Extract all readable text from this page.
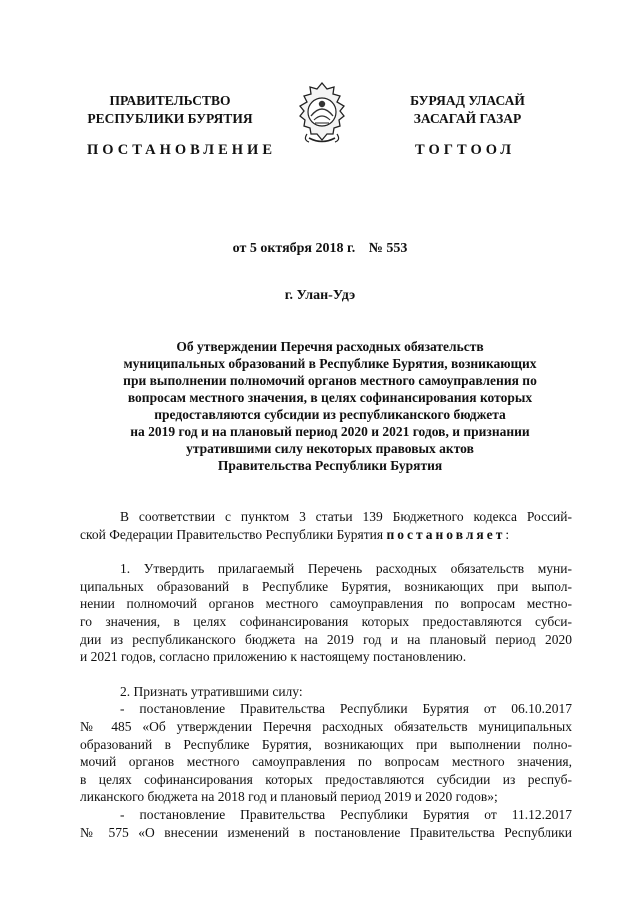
ПРАВИТЕЛЬСТВО
РЕСПУБЛИКИ БУРЯТИЯ
БУРЯАД УЛАСАЙ
ЗАСАГАЙ ГАЗАР
ПОСТАНОВЛЕНИЕ	ТОГТООЛ
от 5 октября 2018 г. № 553
г. Улан-Удэ
Об утверждении Перечня расходных обязательств
муниципальных образований в Республике Бурятия, возникающих
при выполнении полномочий органов местного самоуправления по
вопросам местного значения, в целях софинансирования которых
предоставляются субсидии из республиканского бюджета
на 2019 год и на плановый период 2020 и 2021 годов, и признании
утратившими силу некоторых правовых актов
Правительства Республики Бурятия
В соответствии с пунктом 3 статьи 139 Бюджетного кодекса Россий-
ской Федерации Правительство Республики Бурятия постановляет:
1. Утвердить прилагаемый Перечень расходных обязательств муни-
ципальных образований в Республике Бурятия, возникающих при выпол-
нении полномочий органов местного самоуправления по вопросам местно-
го значения, в целях софинансирования которых предоставляются субси-
дии из республиканского бюджета на 2019 год и на плановый период 2020
и 2021 годов, согласно приложению к настоящему постановлению.
2. Признать утратившими силу:
- постановление Правительства Республики Бурятия от 06.10.2017
№ 485 «Об утверждении Перечня расходных обязательств муниципальных
образований в Республике Бурятия, возникающих при выполнении полно-
мочий органов местного самоуправления по вопросам местного значения,
в целях софинансирования которых предоставляются субсидии из респуб-
ликанского бюджета на 2018 год и плановый период 2019 и 2020 годов»;
- постановление Правительства Республики Бурятия от 11.12.2017
№ 575 «О внесении изменений в постановление Правительства Республики
